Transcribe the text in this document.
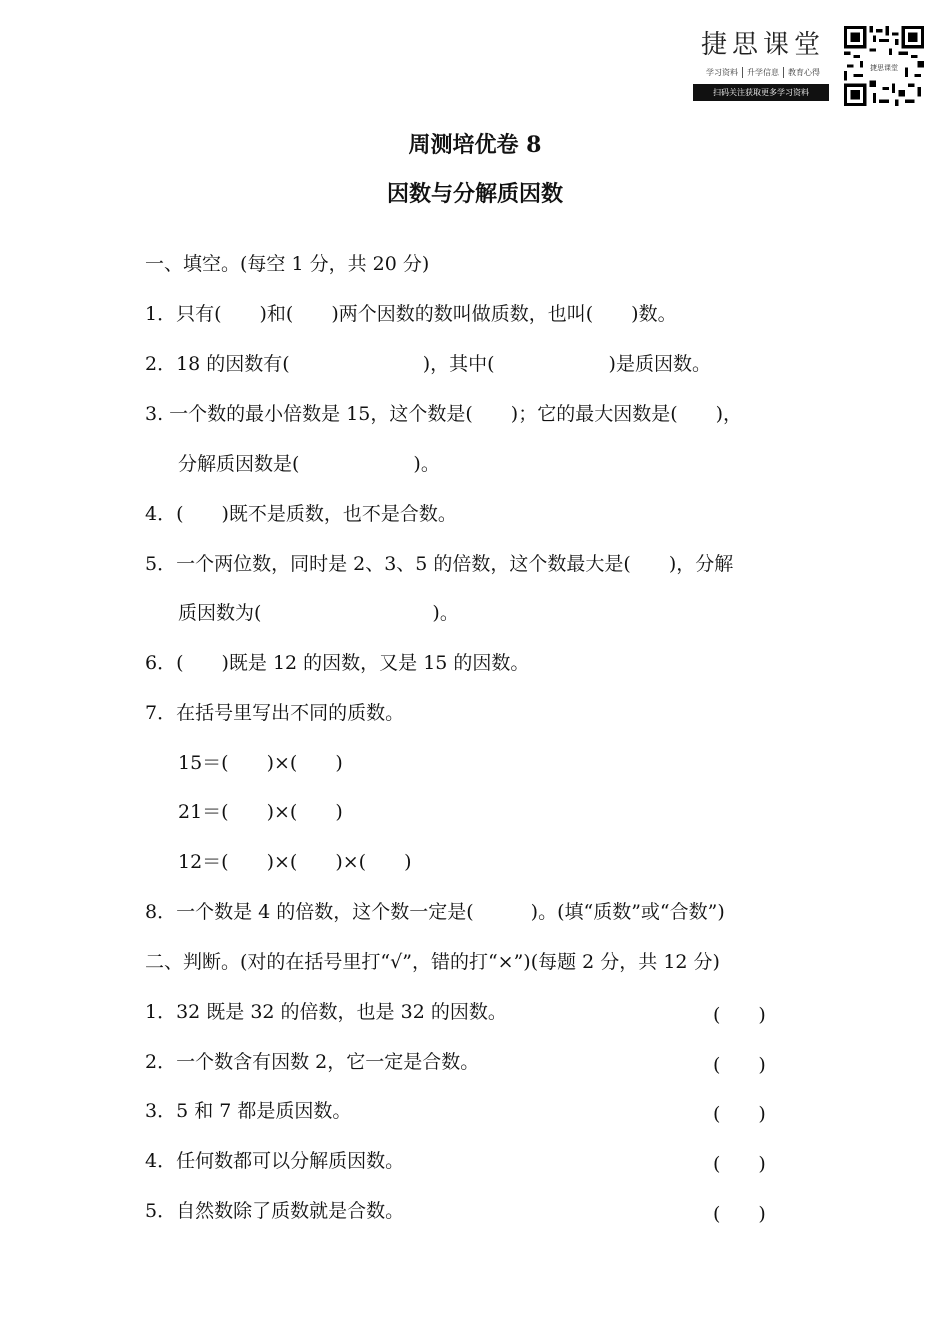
捷思课堂
学习资料	升学信息	教育心得
扫码关注获取更多学习资料
捷思课堂
周测培优卷 8
因数与分解质因数
一、填空。(每空 1 分，共 20 分)
1．只有(　　)和(　　)两个因数的数叫做质数，也叫(　　)数。
2．18 的因数有(　　　　　　　)，其中(　　　　　　)是质因数。
3. 一个数的最小倍数是 15，这个数是(　　)；它的最大因数是(　　)，
分解质因数是(　　　　　　)。
4．(　　)既不是质数，也不是合数。
5．一个两位数，同时是 2、3、5 的倍数，这个数最大是(　　)，分解
质因数为(　　　　　　　　　)。
6．(　　)既是 12 的因数，又是 15 的因数。
7．在括号里写出不同的质数。
15＝(　　)×(　　)
21＝(　　)×(　　)
12＝(　　)×(　　)×(　　)
8．一个数是 4 的倍数，这个数一定是(　　　)。(填“质数”或“合数”)
二、判断。(对的在括号里打“√”，错的打“×”)(每题 2 分，共 12 分)
1．32 既是 32 的倍数，也是 32 的因数。	(　　)
2．一个数含有因数 2，它一定是合数。	(　　)
3．5 和 7 都是质因数。	(　　)
4．任何数都可以分解质因数。	(　　)
5．自然数除了质数就是合数。	(　　)
